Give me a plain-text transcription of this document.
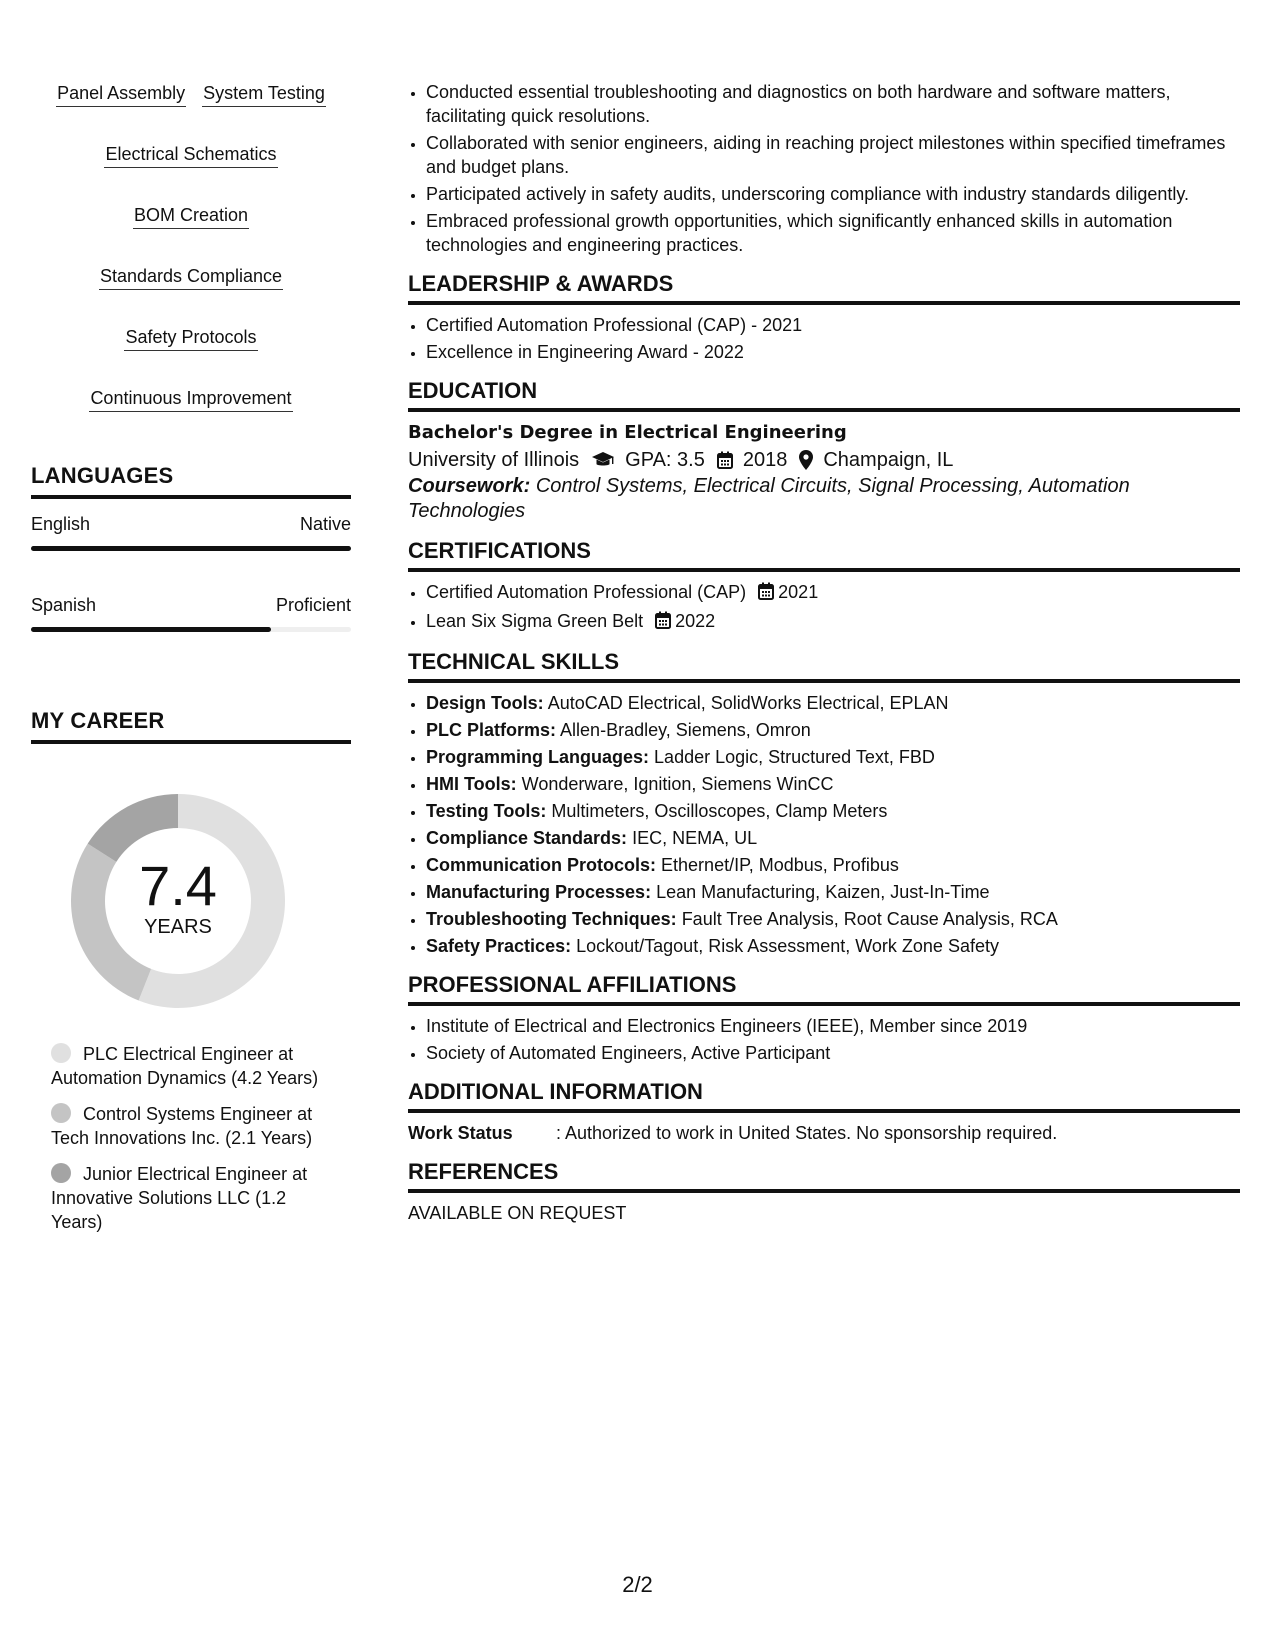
Panel Assembly System Testing
Electrical Schematics
BOM Creation
Standards Compliance
Safety Protocols
Continuous Improvement
LANGUAGES
English	Native
Spanish	Proficient
MY CAREER
7.4
YEARS
PLC Electrical Engineer at Automation Dynamics (4.2 Years)
Control Systems Engineer at Tech Innovations Inc. (2.1 Years)
Junior Electrical Engineer at Innovative Solutions LLC (1.2 Years)
• Conducted essential troubleshooting and diagnostics on both hardware and software matters, facilitating quick resolutions.
• Collaborated with senior engineers, aiding in reaching project milestones within specified timeframes and budget plans.
• Participated actively in safety audits, underscoring compliance with industry standards diligently.
• Embraced professional growth opportunities, which significantly enhanced skills in automation technologies and engineering practices.
LEADERSHIP & AWARDS
• Certified Automation Professional (CAP) - 2021
• Excellence in Engineering Award - 2022
EDUCATION
Bachelor's Degree in Electrical Engineering
University of Illinois GPA: 3.5 2018 Champaign, IL
Coursework: Control Systems, Electrical Circuits, Signal Processing, Automation Technologies
CERTIFICATIONS
• Certified Automation Professional (CAP) 2021
• Lean Six Sigma Green Belt 2022
TECHNICAL SKILLS
• Design Tools: AutoCAD Electrical, SolidWorks Electrical, EPLAN
• PLC Platforms: Allen-Bradley, Siemens, Omron
• Programming Languages: Ladder Logic, Structured Text, FBD
• HMI Tools: Wonderware, Ignition, Siemens WinCC
• Testing Tools: Multimeters, Oscilloscopes, Clamp Meters
• Compliance Standards: IEC, NEMA, UL
• Communication Protocols: Ethernet/IP, Modbus, Profibus
• Manufacturing Processes: Lean Manufacturing, Kaizen, Just-In-Time
• Troubleshooting Techniques: Fault Tree Analysis, Root Cause Analysis, RCA
• Safety Practices: Lockout/Tagout, Risk Assessment, Work Zone Safety
PROFESSIONAL AFFILIATIONS
• Institute of Electrical and Electronics Engineers (IEEE), Member since 2019
• Society of Automated Engineers, Active Participant
ADDITIONAL INFORMATION
Work Status	: Authorized to work in United States. No sponsorship required.
REFERENCES
AVAILABLE ON REQUEST
2/2
